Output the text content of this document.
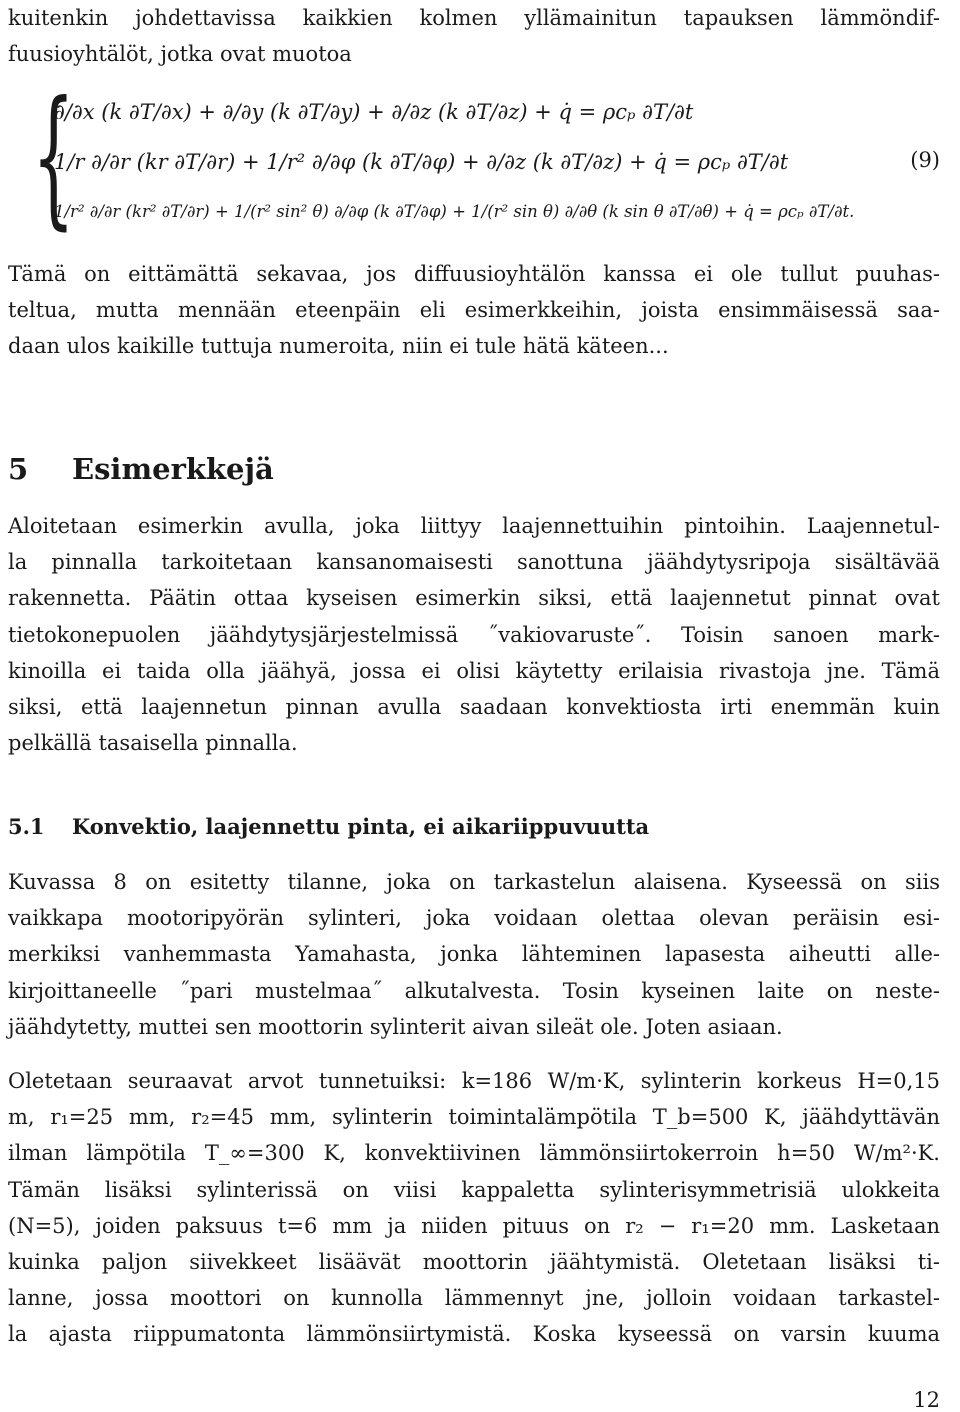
kuitenkin johdettavissa kaikkien kolmen yllämainitun tapauksen lämmöndif-
fuusioyhtälöt, jotka ovat muotoa

{
∂/∂x (k ∂T/∂x) + ∂/∂y (k ∂T/∂y) + ∂/∂z (k ∂T/∂z) + q̇ = ρcₚ ∂T/∂t
1/r ∂/∂r (kr ∂T/∂r) + 1/r² ∂/∂φ (k ∂T/∂φ) + ∂/∂z (k ∂T/∂z) + q̇ = ρcₚ ∂T/∂t
1/r² ∂/∂r (kr² ∂T/∂r) + 1/(r² sin² θ) ∂/∂φ (k ∂T/∂φ) + 1/(r² sin θ) ∂/∂θ (k sin θ ∂T/∂θ) + q̇ = ρcₚ ∂T/∂t.
(9)

Tämä on eittämättä sekavaa, jos diffuusioyhtälön kanssa ei ole tullut puuhas-
teltua, mutta mennään eteenpäin eli esimerkkeihin, joista ensimmäisessä saa-
daan ulos kaikille tuttuja numeroita, niin ei tule hätä käteen...

5 Esimerkkejä

Aloitetaan esimerkin avulla, joka liittyy laajennettuihin pintoihin. Laajennetul-
la pinnalla tarkoitetaan kansanomaisesti sanottuna jäähdytysripoja sisältävää
rakennetta. Päätin ottaa kyseisen esimerkin siksi, että laajennetut pinnat ovat
tietokonepuolen jäähdytysjärjestelmissä ˝vakiovaruste˝. Toisin sanoen mark-
kinoilla ei taida olla jäähyä, jossa ei olisi käytetty erilaisia rivastoja jne. Tämä
siksi, että laajennetun pinnan avulla saadaan konvektiosta irti enemmän kuin
pelkällä tasaisella pinnalla.

5.1 Konvektio, laajennettu pinta, ei aikariippuvuutta

Kuvassa 8 on esitetty tilanne, joka on tarkastelun alaisena. Kyseessä on siis
vaikkapa mootoripyörän sylinteri, joka voidaan olettaa olevan peräisin esi-
merkiksi vanhemmasta Yamahasta, jonka lähteminen lapasesta aiheutti alle-
kirjoittaneelle ˝pari mustelmaa˝ alkutalvesta. Tosin kyseinen laite on neste-
jäähdytetty, muttei sen moottorin sylinterit aivan sileät ole. Joten asiaan.

Oletetaan seuraavat arvot tunnetuiksi: k=186 W/m·K, sylinterin korkeus H=0,15
m, r₁=25 mm, r₂=45 mm, sylinterin toimintalämpötila T_b=500 K, jäähdyttävän
ilman lämpötila T_∞=300 K, konvektiivinen lämmönsiirtokerroin h=50 W/m²·K.
Tämän lisäksi sylinterissä on viisi kappaletta sylinterisymmetrisiä ulokkeita
(N=5), joiden paksuus t=6 mm ja niiden pituus on r₂ − r₁=20 mm. Lasketaan
kuinka paljon siivekkeet lisäävät moottorin jäähtymistä. Oletetaan lisäksi ti-
lanne, jossa moottori on kunnolla lämmennyt jne, jolloin voidaan tarkastel-
la ajasta riippumatonta lämmönsiirtymistä. Koska kyseessä on varsin kuuma

12
